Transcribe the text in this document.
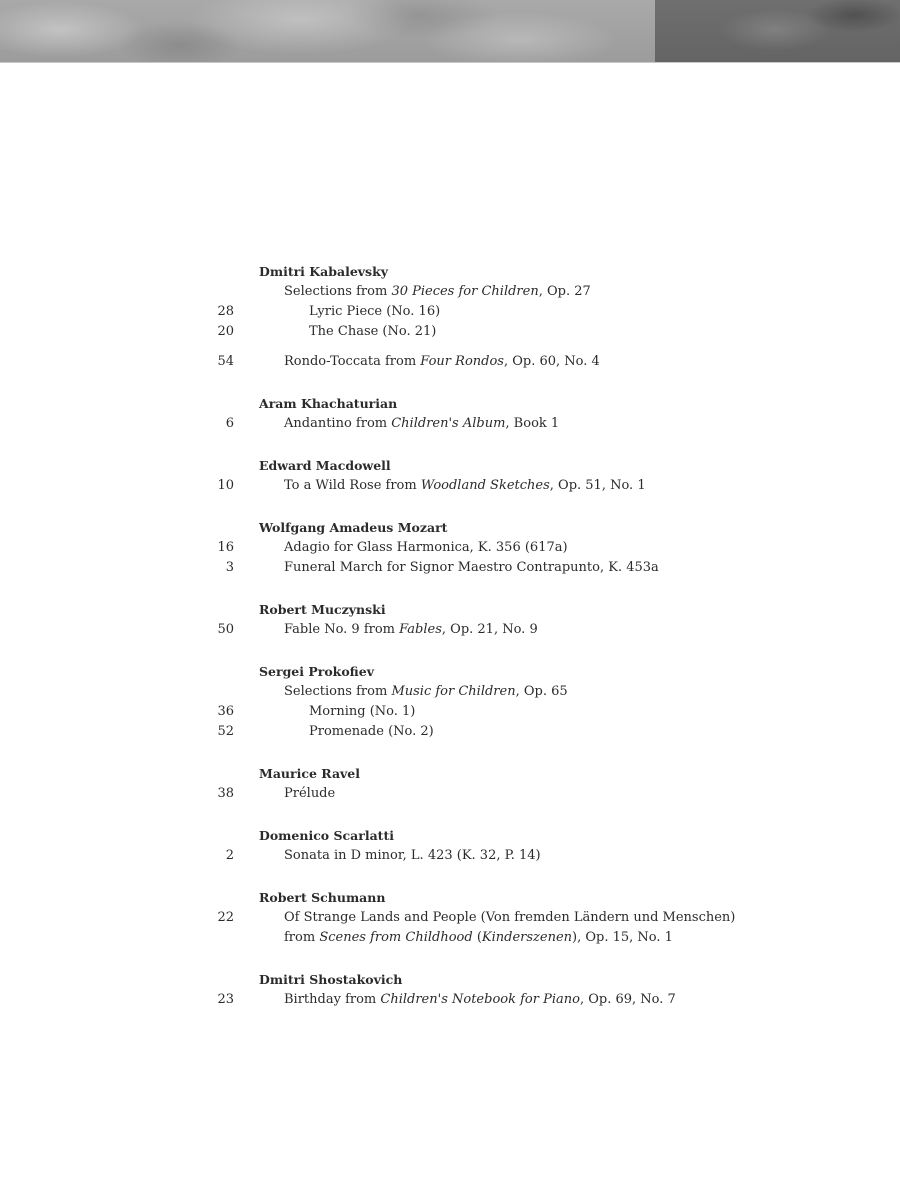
Dmitri Kabalevsky
Selections from 30 Pieces for Children, Op. 27
28	Lyric Piece (No. 16)
20	The Chase (No. 21)
54	Rondo-Toccata from Four Rondos, Op. 60, No. 4
Aram Khachaturian
6	Andantino from Children's Album, Book 1
Edward Macdowell
10	To a Wild Rose from Woodland Sketches, Op. 51, No. 1
Wolfgang Amadeus Mozart
16	Adagio for Glass Harmonica, K. 356 (617a)
3	Funeral March for Signor Maestro Contrapunto, K. 453a
Robert Muczynski
50	Fable No. 9 from Fables, Op. 21, No. 9
Sergei Prokofiev
Selections from Music for Children, Op. 65
36	Morning (No. 1)
52	Promenade (No. 2)
Maurice Ravel
38	Prélude
Domenico Scarlatti
2	Sonata in D minor, L. 423 (K. 32, P. 14)
Robert Schumann
22	Of Strange Lands and People (Von fremden Ländern und Menschen)
from Scenes from Childhood (Kinderszenen), Op. 15, No. 1
Dmitri Shostakovich
23	Birthday from Children's Notebook for Piano, Op. 69, No. 7
